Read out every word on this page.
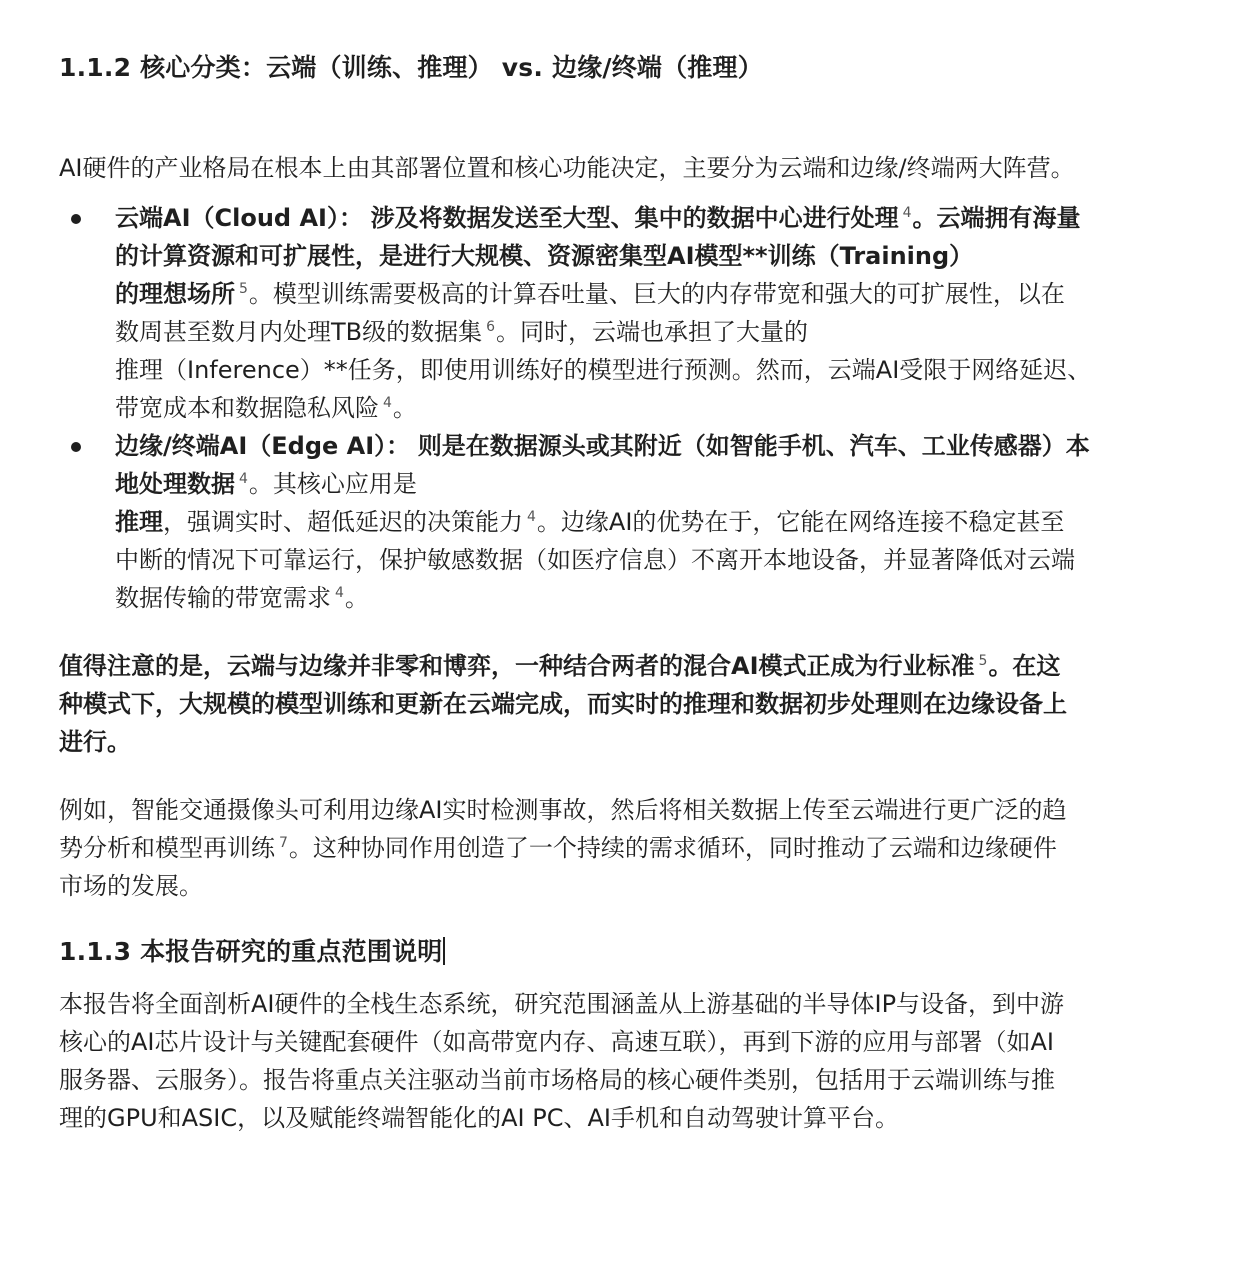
1.1.2 核心分类：云端（训练、推理） vs. 边缘/终端（推理）

AI硬件的产业格局在根本上由其部署位置和核心功能决定，主要分为云端和边缘/终端两大阵营。

云端AI（Cloud AI）： 涉及将数据发送至大型、集中的数据中心进行处理 $^4$。云端拥有海量
的计算资源和可扩展性，是进行大规模、资源密集型AI模型**训练（Training）
的理想场所 $^5$。模型训练需要极高的计算吞吐量、巨大的内存带宽和强大的可扩展性，以在
数周甚至数月内处理TB级的数据集 $^6$。同时，云端也承担了大量的
推理（Inference）**任务，即使用训练好的模型进行预测。然而，云端AI受限于网络延迟、
带宽成本和数据隐私风险 $^4$。
边缘/终端AI（Edge AI）： 则是在数据源头或其附近（如智能手机、汽车、工业传感器）本
地处理数据 $^4$。其核心应用是
推理，强调实时、超低延迟的决策能力 $^4$。边缘AI的优势在于，它能在网络连接不稳定甚至
中断的情况下可靠运行，保护敏感数据（如医疗信息）不离开本地设备，并显著降低对云端
数据传输的带宽需求 $^4$。

值得注意的是，云端与边缘并非零和博弈，一种结合两者的混合AI模式正成为行业标准 $^5$。在这
种模式下，大规模的模型训练和更新在云端完成，而实时的推理和数据初步处理则在边缘设备上
进行。

例如，智能交通摄像头可利用边缘AI实时检测事故，然后将相关数据上传至云端进行更广泛的趋
势分析和模型再训练 $^7$。这种协同作用创造了一个持续的需求循环，同时推动了云端和边缘硬件
市场的发展。

1.1.3 本报告研究的重点范围说明

本报告将全面剖析AI硬件的全栈生态系统，研究范围涵盖从上游基础的半导体IP与设备，到中游
核心的AI芯片设计与关键配套硬件（如高带宽内存、高速互联），再到下游的应用与部署（如AI
服务器、云服务）。报告将重点关注驱动当前市场格局的核心硬件类别，包括用于云端训练与推
理的GPU和ASIC，以及赋能终端智能化的AI PC、AI手机和自动驾驶计算平台。
